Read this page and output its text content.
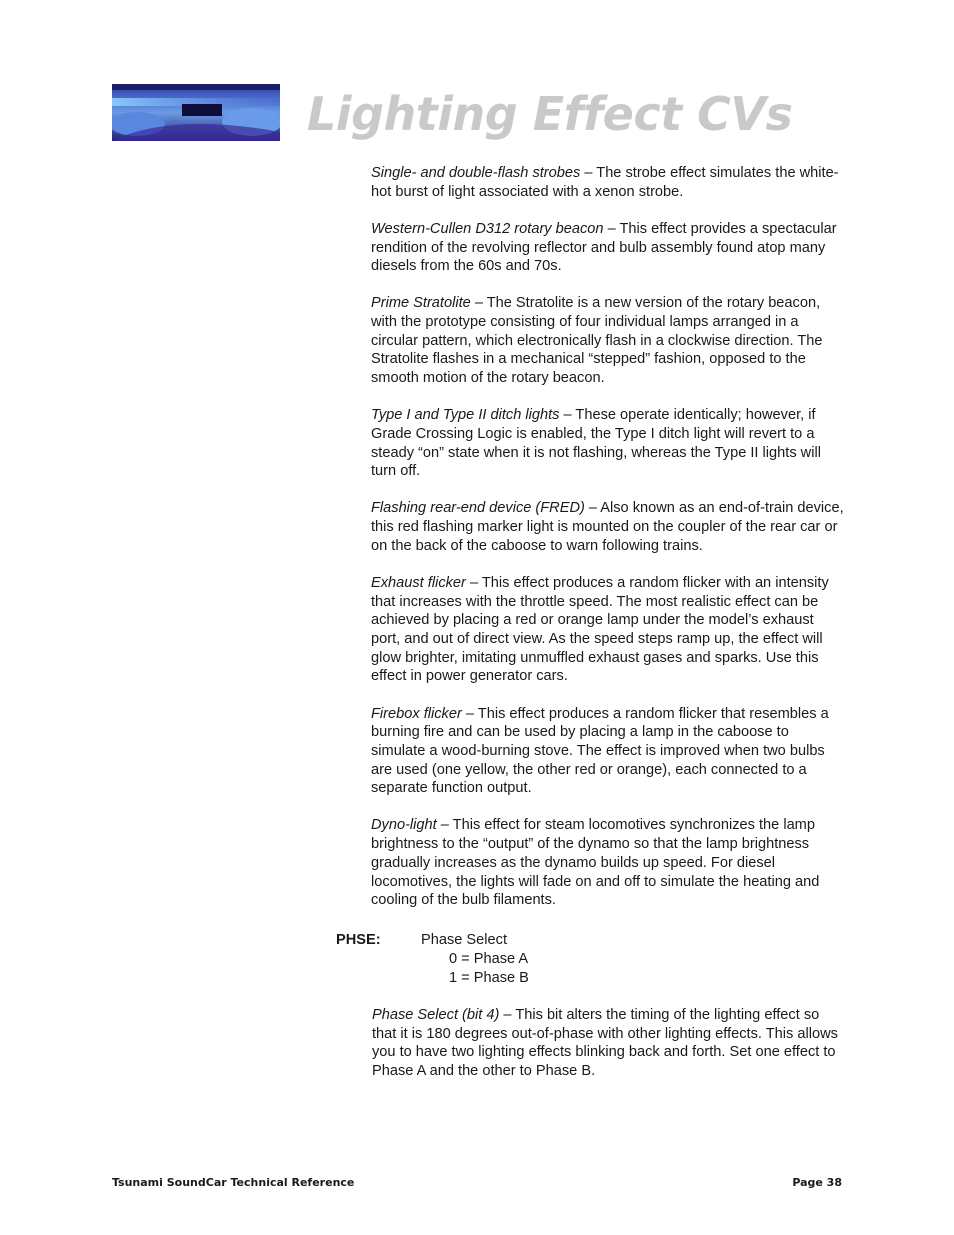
Lighting Effect CVs

Single- and double-flash strobes – The strobe effect simulates the white-hot burst of light associated with a xenon strobe.

Western-Cullen D312 rotary beacon – This effect provides a spectacular rendition of the revolving reflector and bulb assembly found atop many diesels from the 60s and 70s.

Prime Stratolite – The Stratolite is a new version of the rotary beacon, with the prototype consisting of four individual lamps arranged in a circular pattern, which electronically flash in a clockwise direction. The Stratolite flashes in a mechanical “stepped” fashion, opposed to the smooth motion of the rotary beacon.

Type I and Type II ditch lights – These operate identically; however, if Grade Crossing Logic is enabled, the Type I ditch light will revert to a steady “on” state when it is not flashing, whereas the Type II lights will turn off.

Flashing rear-end device (FRED) – Also known as an end-of-train device, this red flashing marker light is mounted on the coupler of the rear car or on the back of the caboose to warn following trains.

Exhaust flicker – This effect produces a random flicker with an intensity that increases with the throttle speed. The most realistic effect can be achieved by placing a red or orange lamp under the model’s exhaust port, and out of direct view. As the speed steps ramp up, the effect will glow brighter, imitating unmuffled exhaust gases and sparks. Use this effect in power generator cars.

Firebox flicker – This effect produces a random flicker that resembles a burning fire and can be used by placing a lamp in the caboose to simulate a wood-burning stove. The effect is improved when two bulbs are used (one yellow, the other red or orange), each connected to a separate function output.

Dyno-light – This effect for steam locomotives synchronizes the lamp brightness to the “output” of the dynamo so that the lamp brightness gradually increases as the dynamo builds up speed. For diesel locomotives, the lights will fade on and off to simulate the heating and cooling of the bulb filaments.

PHSE:	Phase Select
0 = Phase A
1 = Phase B

Phase Select (bit 4) – This bit alters the timing of the lighting effect so that it is 180 degrees out-of-phase with other lighting effects. This allows you to have two lighting effects blinking back and forth. Set one effect to Phase A and the other to Phase B.

Tsunami SoundCar Technical Reference	Page 38
